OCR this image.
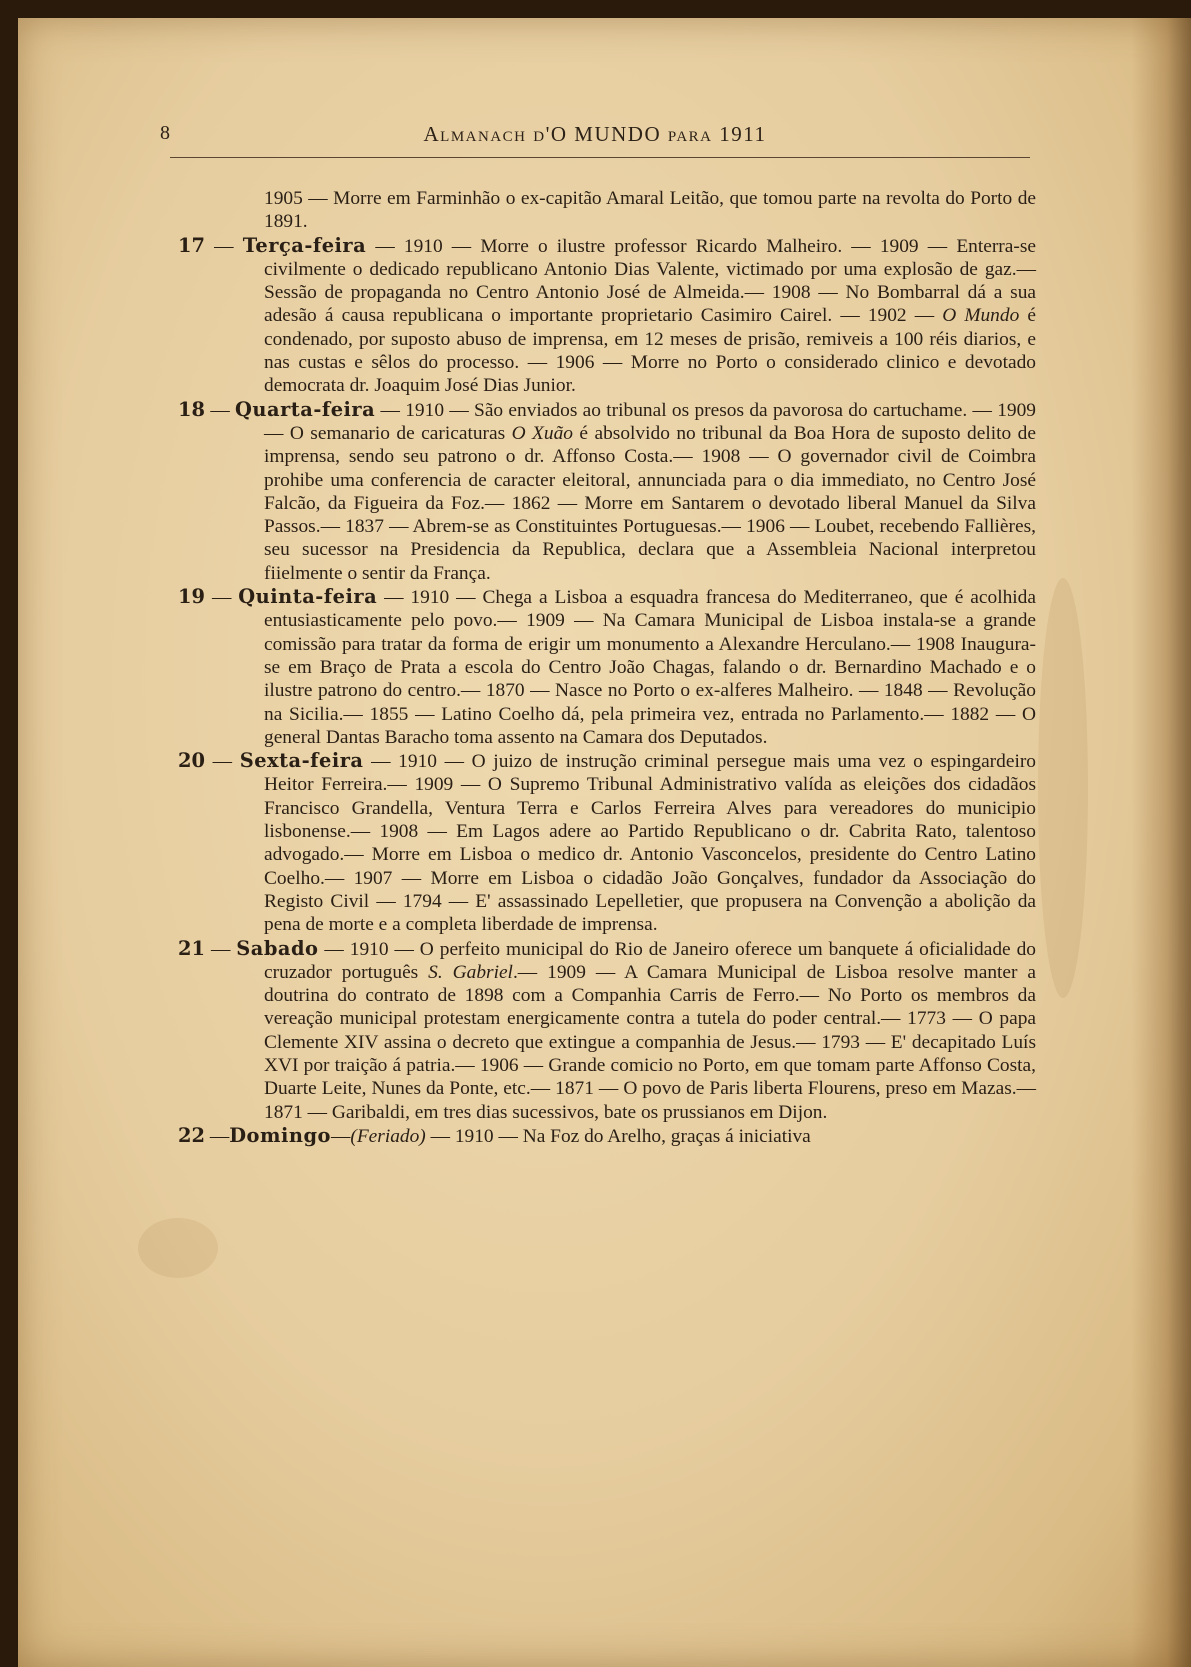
8	Almanach d'O MUNDO para 1911

1905 — Morre em Farminhão o ex-capitão Amaral Leitão, que tomou parte na revolta do Porto de 1891.

17 — Terça-feira — 1910 — Morre o ilustre professor Ricardo Malheiro. — 1909 — Enterra-se civilmente o dedicado republicano Antonio Dias Valente, victimado por uma explosão de gaz.— Sessão de propaganda no Centro Antonio José de Almeida.— 1908 — No Bombarral dá a sua adesão á causa republicana o importante proprietario Casimiro Cairel. — 1902 — O Mundo é condenado, por suposto abuso de imprensa, em 12 meses de prisão, remiveis a 100 réis diarios, e nas custas e sêlos do processo. — 1906 — Morre no Porto o considerado clinico e devotado democrata dr. Joaquim José Dias Junior.

18 — Quarta-feira — 1910 — São enviados ao tribunal os presos da pavorosa do cartuchame. — 1909 — O semanario de caricaturas O Xuão é absolvido no tribunal da Boa Hora de suposto delito de imprensa, sendo seu patrono o dr. Affonso Costa.— 1908 — O governador civil de Coimbra prohibe uma conferencia de caracter eleitoral, annunciada para o dia immediato, no Centro José Falcão, da Figueira da Foz.— 1862 — Morre em Santarem o devotado liberal Manuel da Silva Passos.— 1837 — Abrem-se as Constituintes Portuguesas.— 1906 — Loubet, recebendo Fallières, seu sucessor na Presidencia da Republica, declara que a Assembleia Nacional interpretou fiielmente o sentir da França.

19 — Quinta-feira — 1910 — Chega a Lisboa a esquadra francesa do Mediterraneo, que é acolhida entusiasticamente pelo povo.— 1909 — Na Camara Municipal de Lisboa instala-se a grande comissão para tratar da forma de erigir um monumento a Alexandre Herculano.— 1908 Inaugura-se em Braço de Prata a escola do Centro João Chagas, falando o dr. Bernardino Machado e o ilustre patrono do centro.— 1870 — Nasce no Porto o ex-alferes Malheiro. — 1848 — Revolução na Sicilia.— 1855 — Latino Coelho dá, pela primeira vez, entrada no Parlamento.— 1882 — O general Dantas Baracho toma assento na Camara dos Deputados.

20 — Sexta-feira — 1910 — O juizo de instrução criminal persegue mais uma vez o espingardeiro Heitor Ferreira.— 1909 — O Supremo Tribunal Administrativo valída as eleições dos cidadãos Francisco Grandella, Ventura Terra e Carlos Ferreira Alves para vereadores do municipio lisbonense.— 1908 — Em Lagos adere ao Partido Republicano o dr. Cabrita Rato, talentoso advogado.— Morre em Lisboa o medico dr. Antonio Vasconcelos, presidente do Centro Latino Coelho.— 1907 — Morre em Lisboa o cidadão João Gonçalves, fundador da Associação do Registo Civil — 1794 — E' assassinado Lepelletier, que propusera na Convenção a abolição da pena de morte e a completa liberdade de imprensa.

21 — Sabado — 1910 — O perfeito municipal do Rio de Janeiro oferece um banquete á oficialidade do cruzador português S. Gabriel.— 1909 — A Camara Municipal de Lisboa resolve manter a doutrina do contrato de 1898 com a Companhia Carris de Ferro.— No Porto os membros da vereação municipal protestam energicamente contra a tutela do poder central.— 1773 — O papa Clemente XIV assina o decreto que extingue a companhia de Jesus.— 1793 — E' decapitado Luís XVI por traição á patria.— 1906 — Grande comicio no Porto, em que tomam parte Affonso Costa, Duarte Leite, Nunes da Ponte, etc.— 1871 — O povo de Paris liberta Flourens, preso em Mazas.— 1871 — Garibaldi, em tres dias sucessivos, bate os prussianos em Dijon.

22 —Domingo—(Feriado) — 1910 — Na Foz do Arelho, graças á iniciativa
